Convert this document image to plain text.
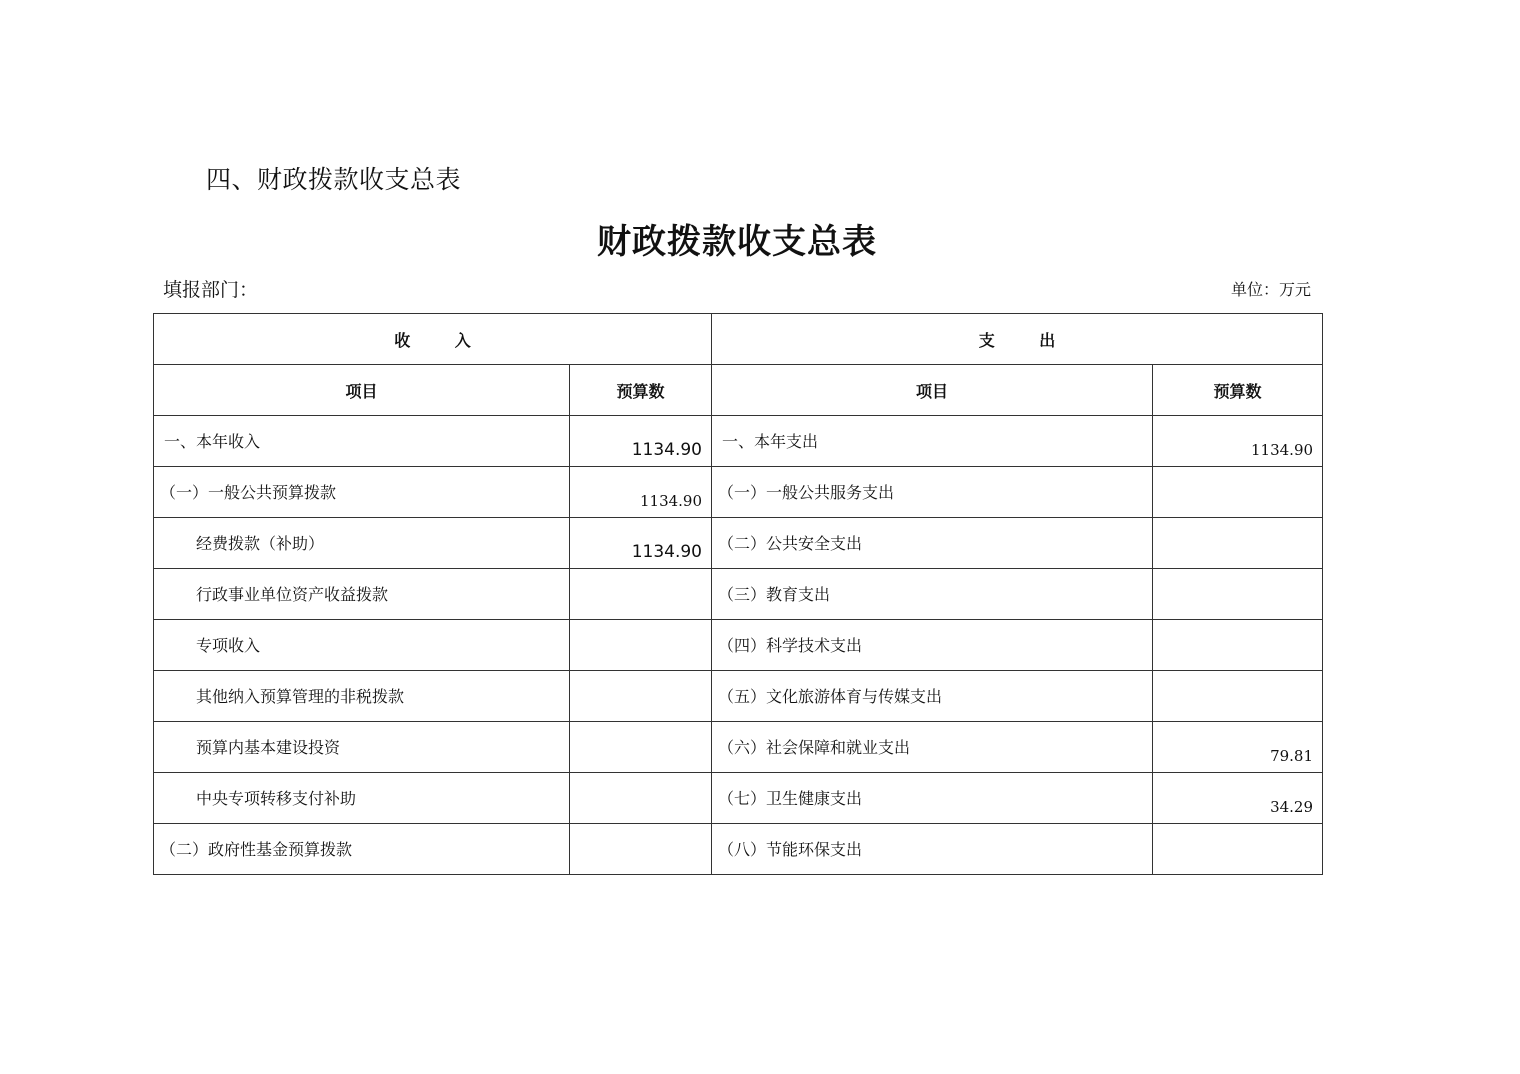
四、财政拨款收支总表
财政拨款收支总表
填报部门：	单位：万元
收        入		支        出	
项目	预算数	项目	预算数

一、本年收入	1134.90	一、本年支出	1134.90

（一）一般公共预算拨款	1134.90	（一）一般公共服务支出	

经费拨款（补助）	1134.90	（二）公共安全支出	

行政事业单位资产收益拨款		（三）教育支出	

专项收入		（四）科学技术支出	

其他纳入预算管理的非税拨款		（五）文化旅游体育与传媒支出	

预算内基本建设投资		（六）社会保障和就业支出	79.81

中央专项转移支付补助		（七）卫生健康支出	34.29

（二）政府性基金预算拨款		（八）节能环保支出	
